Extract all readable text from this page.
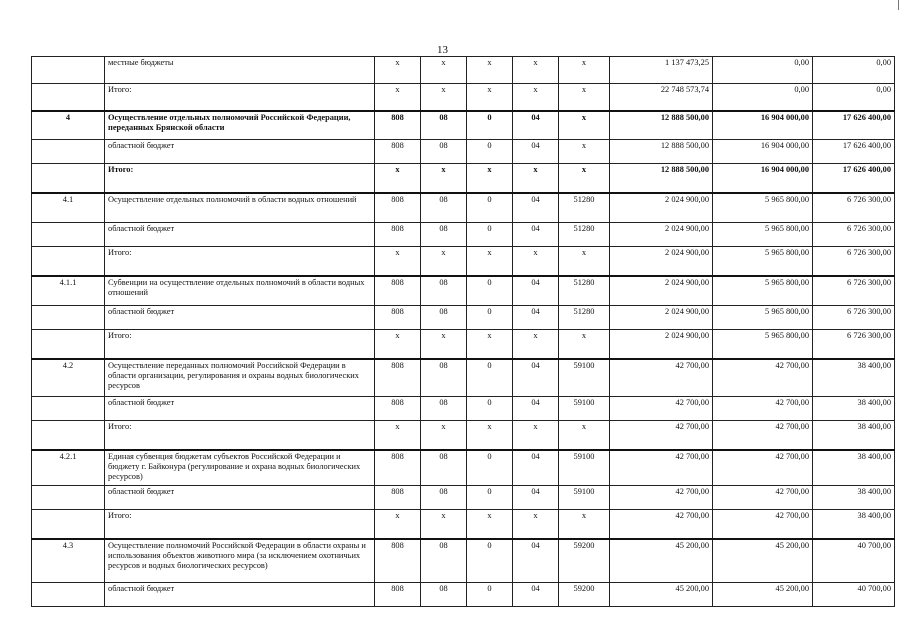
13
	местные бюджеты	x	x	x	x	x	1 137 473,25	0,00	0,00
	Итого:	x	x	x	x	x	22 748 573,74	0,00	0,00
4	Осуществление отдельных полномочий Российской Федерации, переданных Брянской области	808	08	0	04	x	12 888 500,00	16 904 000,00	17 626 400,00
	областной бюджет	808	08	0	04	x	12 888 500,00	16 904 000,00	17 626 400,00
	Итого:	x	x	x	x	x	12 888 500,00	16 904 000,00	17 626 400,00
4.1	Осуществление отдельных полномочий в области водных отношений	808	08	0	04	51280	2 024 900,00	5 965 800,00	6 726 300,00
	областной бюджет	808	08	0	04	51280	2 024 900,00	5 965 800,00	6 726 300,00
	Итого:	x	x	x	x	x	2 024 900,00	5 965 800,00	6 726 300,00
4.1.1	Субвенции на осуществление отдельных полномочий в области водных отношений	808	08	0	04	51280	2 024 900,00	5 965 800,00	6 726 300,00
	областной бюджет	808	08	0	04	51280	2 024 900,00	5 965 800,00	6 726 300,00
	Итого:	x	x	x	x	x	2 024 900,00	5 965 800,00	6 726 300,00
4.2	Осуществление переданных полномочий Российской Федерации в области организации, регулирования и охраны водных биологических ресурсов	808	08	0	04	59100	42 700,00	42 700,00	38 400,00
	областной бюджет	808	08	0	04	59100	42 700,00	42 700,00	38 400,00
	Итого:	x	x	x	x	x	42 700,00	42 700,00	38 400,00
4.2.1	Единая субвенция бюджетам субъектов Российской Федерации и бюджету г. Байконура (регулирование и охрана водных биологических ресурсов)	808	08	0	04	59100	42 700,00	42 700,00	38 400,00
	областной бюджет	808	08	0	04	59100	42 700,00	42 700,00	38 400,00
	Итого:	x	x	x	x	x	42 700,00	42 700,00	38 400,00
4.3	Осуществление полномочий Российской Федерации в области охраны и использования объектов животного мира (за исключением охотничьих ресурсов и водных биологических ресурсов)	808	08	0	04	59200	45 200,00	45 200,00	40 700,00
	областной бюджет	808	08	0	04	59200	45 200,00	45 200,00	40 700,00
